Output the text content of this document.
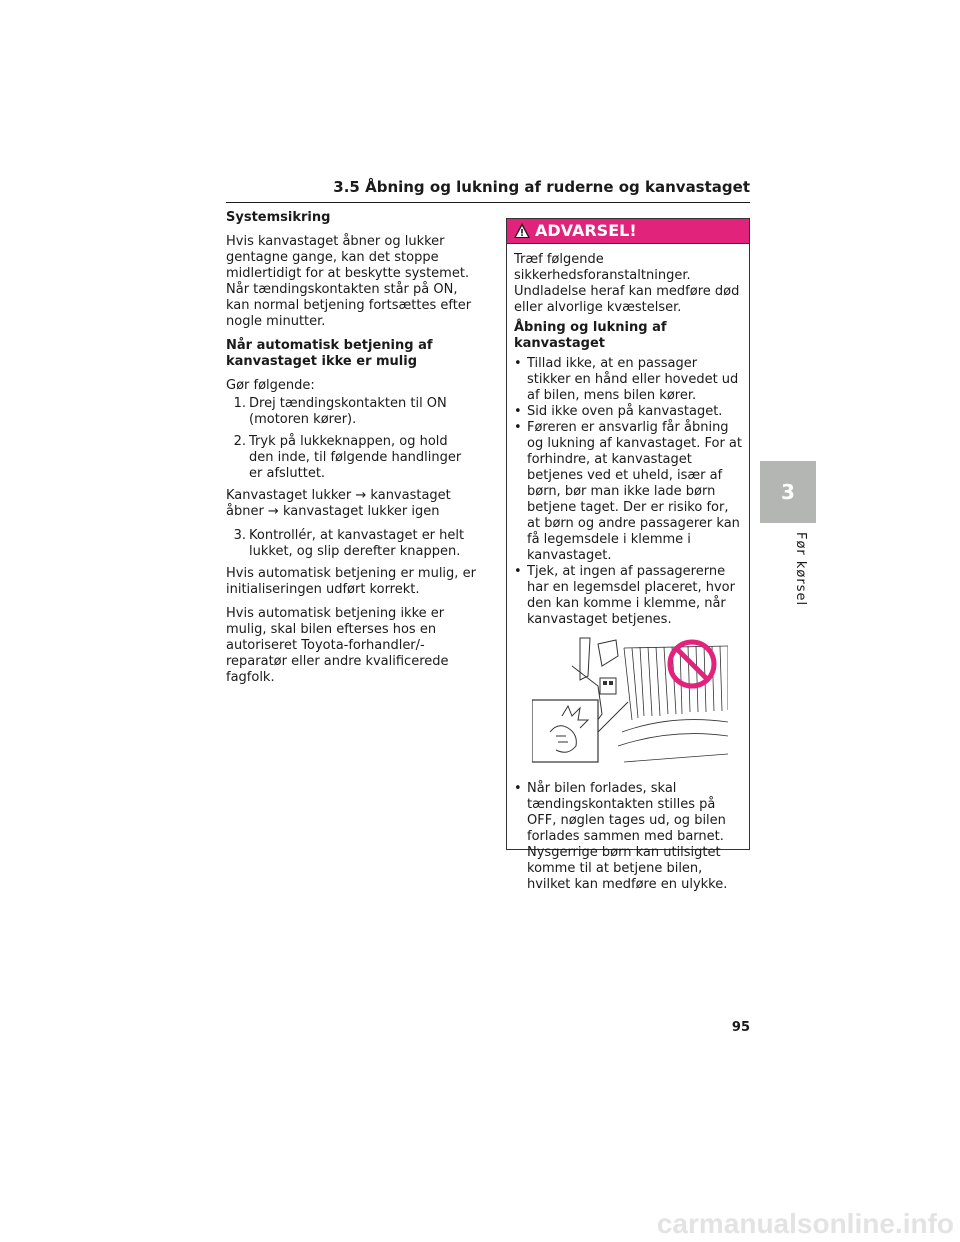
3.5 Åbning og lukning af ruderne og kanvastaget

Systemsikring

Hvis kanvastaget åbner og lukker gentagne gange, kan det stoppe midlertidigt for at beskytte systemet. Når tændingskontakten står på ON, kan normal betjening fortsættes efter nogle minutter.

Når automatisk betjening af kanvastaget ikke er mulig

Gør følgende:

1. Drej tændingskontakten til ON (motoren kører).
2. Tryk på lukkeknappen, og hold den inde, til følgende handlinger er afsluttet.

Kanvastaget lukker → kanvastaget åbner → kanvastaget lukker igen

3. Kontrollér, at kanvastaget er helt lukket, og slip derefter knappen.

Hvis automatisk betjening er mulig, er initialiseringen udført korrekt.

Hvis automatisk betjening ikke er mulig, skal bilen efterses hos en autoriseret Toyota-forhandler/-reparatør eller andre kvalificerede fagfolk.

ADVARSEL!

Træf følgende sikkerhedsforanstaltninger. Undladelse heraf kan medføre død eller alvorlige kvæstelser.

Åbning og lukning af kanvastaget

• Tillad ikke, at en passager stikker en hånd eller hovedet ud af bilen, mens bilen kører.
• Sid ikke oven på kanvastaget.
• Føreren er ansvarlig får åbning og lukning af kanvastaget. For at forhindre, at kanvastaget betjenes ved et uheld, især af børn, bør man ikke lade børn betjene taget. Der er risiko for, at børn og andre passagerer kan få legemsdele i klemme i kanvastaget.
• Tjek, at ingen af passagererne har en legemsdel placeret, hvor den kan komme i klemme, når kanvastaget betjenes.
• Når bilen forlades, skal tændingskontakten stilles på OFF, nøglen tages ud, og bilen forlades sammen med barnet. Nysgerrige børn kan utilsigtet komme til at betjene bilen, hvilket kan medføre en ulykke.
3
Før kørsel
95
carmanualsonline.info
